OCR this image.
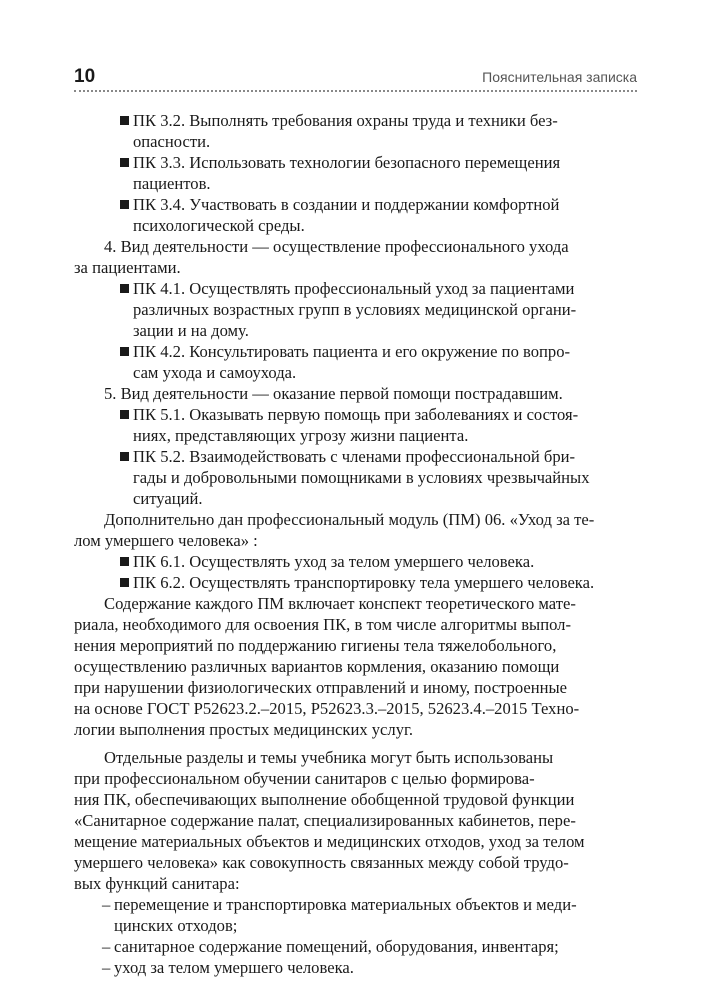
10	Пояснительная записка
ПК 3.2. Выполнять требования охраны труда и техники без-
опасности.
ПК 3.3. Использовать технологии безопасного перемещения
пациентов.
ПК 3.4. Участвовать в создании и поддержании комфортной
психологической среды.
4. Вид деятельности — осуществление профессионального ухода
за пациентами.
ПК 4.1. Осуществлять профессиональный уход за пациентами
различных возрастных групп в условиях медицинской органи-
зации и на дому.
ПК 4.2. Консультировать пациента и его окружение по вопро-
сам ухода и самоухода.
5. Вид деятельности — оказание первой помощи пострадавшим.
ПК 5.1. Оказывать первую помощь при заболеваниях и состоя-
ниях, представляющих угрозу жизни пациента.
ПК 5.2. Взаимодействовать с членами профессиональной бри-
гады и добровольными помощниками в условиях чрезвычайных
ситуаций.
Дополнительно дан профессиональный модуль (ПМ) 06. «Уход за те-
лом умершего человека» :
ПК 6.1. Осуществлять уход за телом умершего человека.
ПК 6.2. Осуществлять транспортировку тела умершего человека.
Содержание каждого ПМ включает конспект теоретического мате-
риала, необходимого для освоения ПК, в том числе алгоритмы выпол-
нения мероприятий по поддержанию гигиены тела тяжелобольного,
осуществлению различных вариантов кормления, оказанию помощи
при нарушении физиологических отправлений и иному, построенные
на основе ГОСТ Р52623.2.–2015, Р52623.3.–2015, 52623.4.–2015 Техно-
логии выполнения простых медицинских услуг.
Отдельные разделы и темы учебника могут быть использованы
при профессиональном обучении санитаров с целью формирова-
ния ПК, обеспечивающих выполнение обобщенной трудовой функции
«Санитарное содержание палат, специализированных кабинетов, пере-
мещение материальных объектов и медицинских отходов, уход за телом
умершего человека» как совокупность связанных между собой трудо-
вых функций санитара:
– перемещение и транспортировка материальных объектов и меди-
цинских отходов;
– санитарное содержание помещений, оборудования, инвентаря;
– уход за телом умершего человека.
